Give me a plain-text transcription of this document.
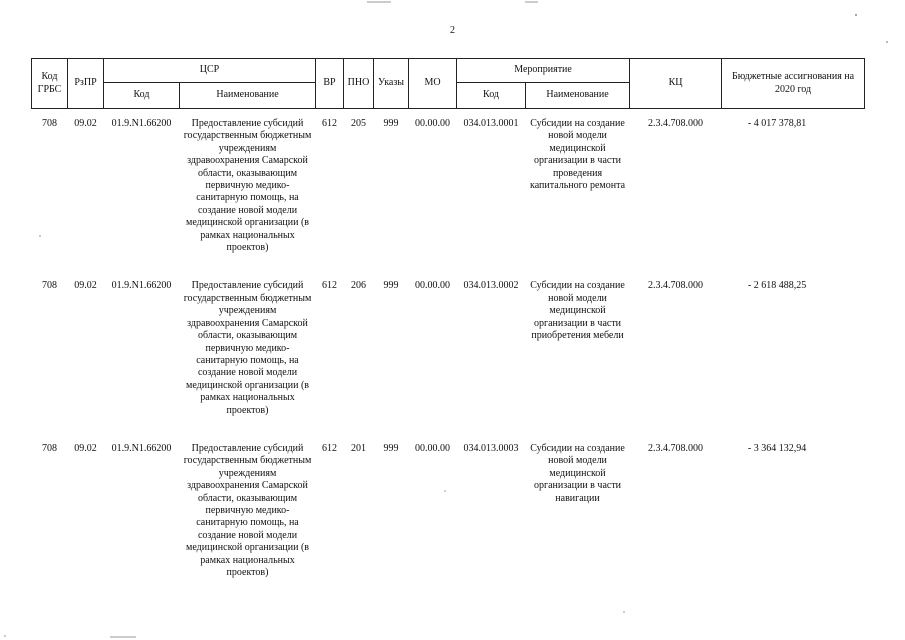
2
Код ГРБС	РзПР	ЦСР		ВР	ПНО	Указы	МО	Мероприятие		КЦ	Бюджетные ассигнования на 2020 год
		Код	Наименование					Код	Наименование		
708	09.02	01.9.N1.66200	Предоставление субсидий государственным бюджетным учреждениям здравоохранения Самарской области, оказывающим первичную медико-санитарную помощь, на создание новой модели медицинской организации (в рамках национальных проектов)	612	205	999	00.00.00	034.013.0001	Субсидии на создание новой модели медицинской организации в части проведения капитального ремонта	2.3.4.708.000	- 4 017 378,81
708	09.02	01.9.N1.66200	Предоставление субсидий государственным бюджетным учреждениям здравоохранения Самарской области, оказывающим первичную медико-санитарную помощь, на создание новой модели медицинской организации (в рамках национальных проектов)	612	206	999	00.00.00	034.013.0002	Субсидии на создание новой модели медицинской организации в части приобретения мебели	2.3.4.708.000	- 2 618 488,25
708	09.02	01.9.N1.66200	Предоставление субсидий государственным бюджетным учреждениям здравоохранения Самарской области, оказывающим первичную медико-санитарную помощь, на создание новой модели медицинской организации (в рамках национальных проектов)	612	201	999	00.00.00	034.013.0003	Субсидии на создание новой модели медицинской организации в части навигации	2.3.4.708.000	- 3 364 132,94
